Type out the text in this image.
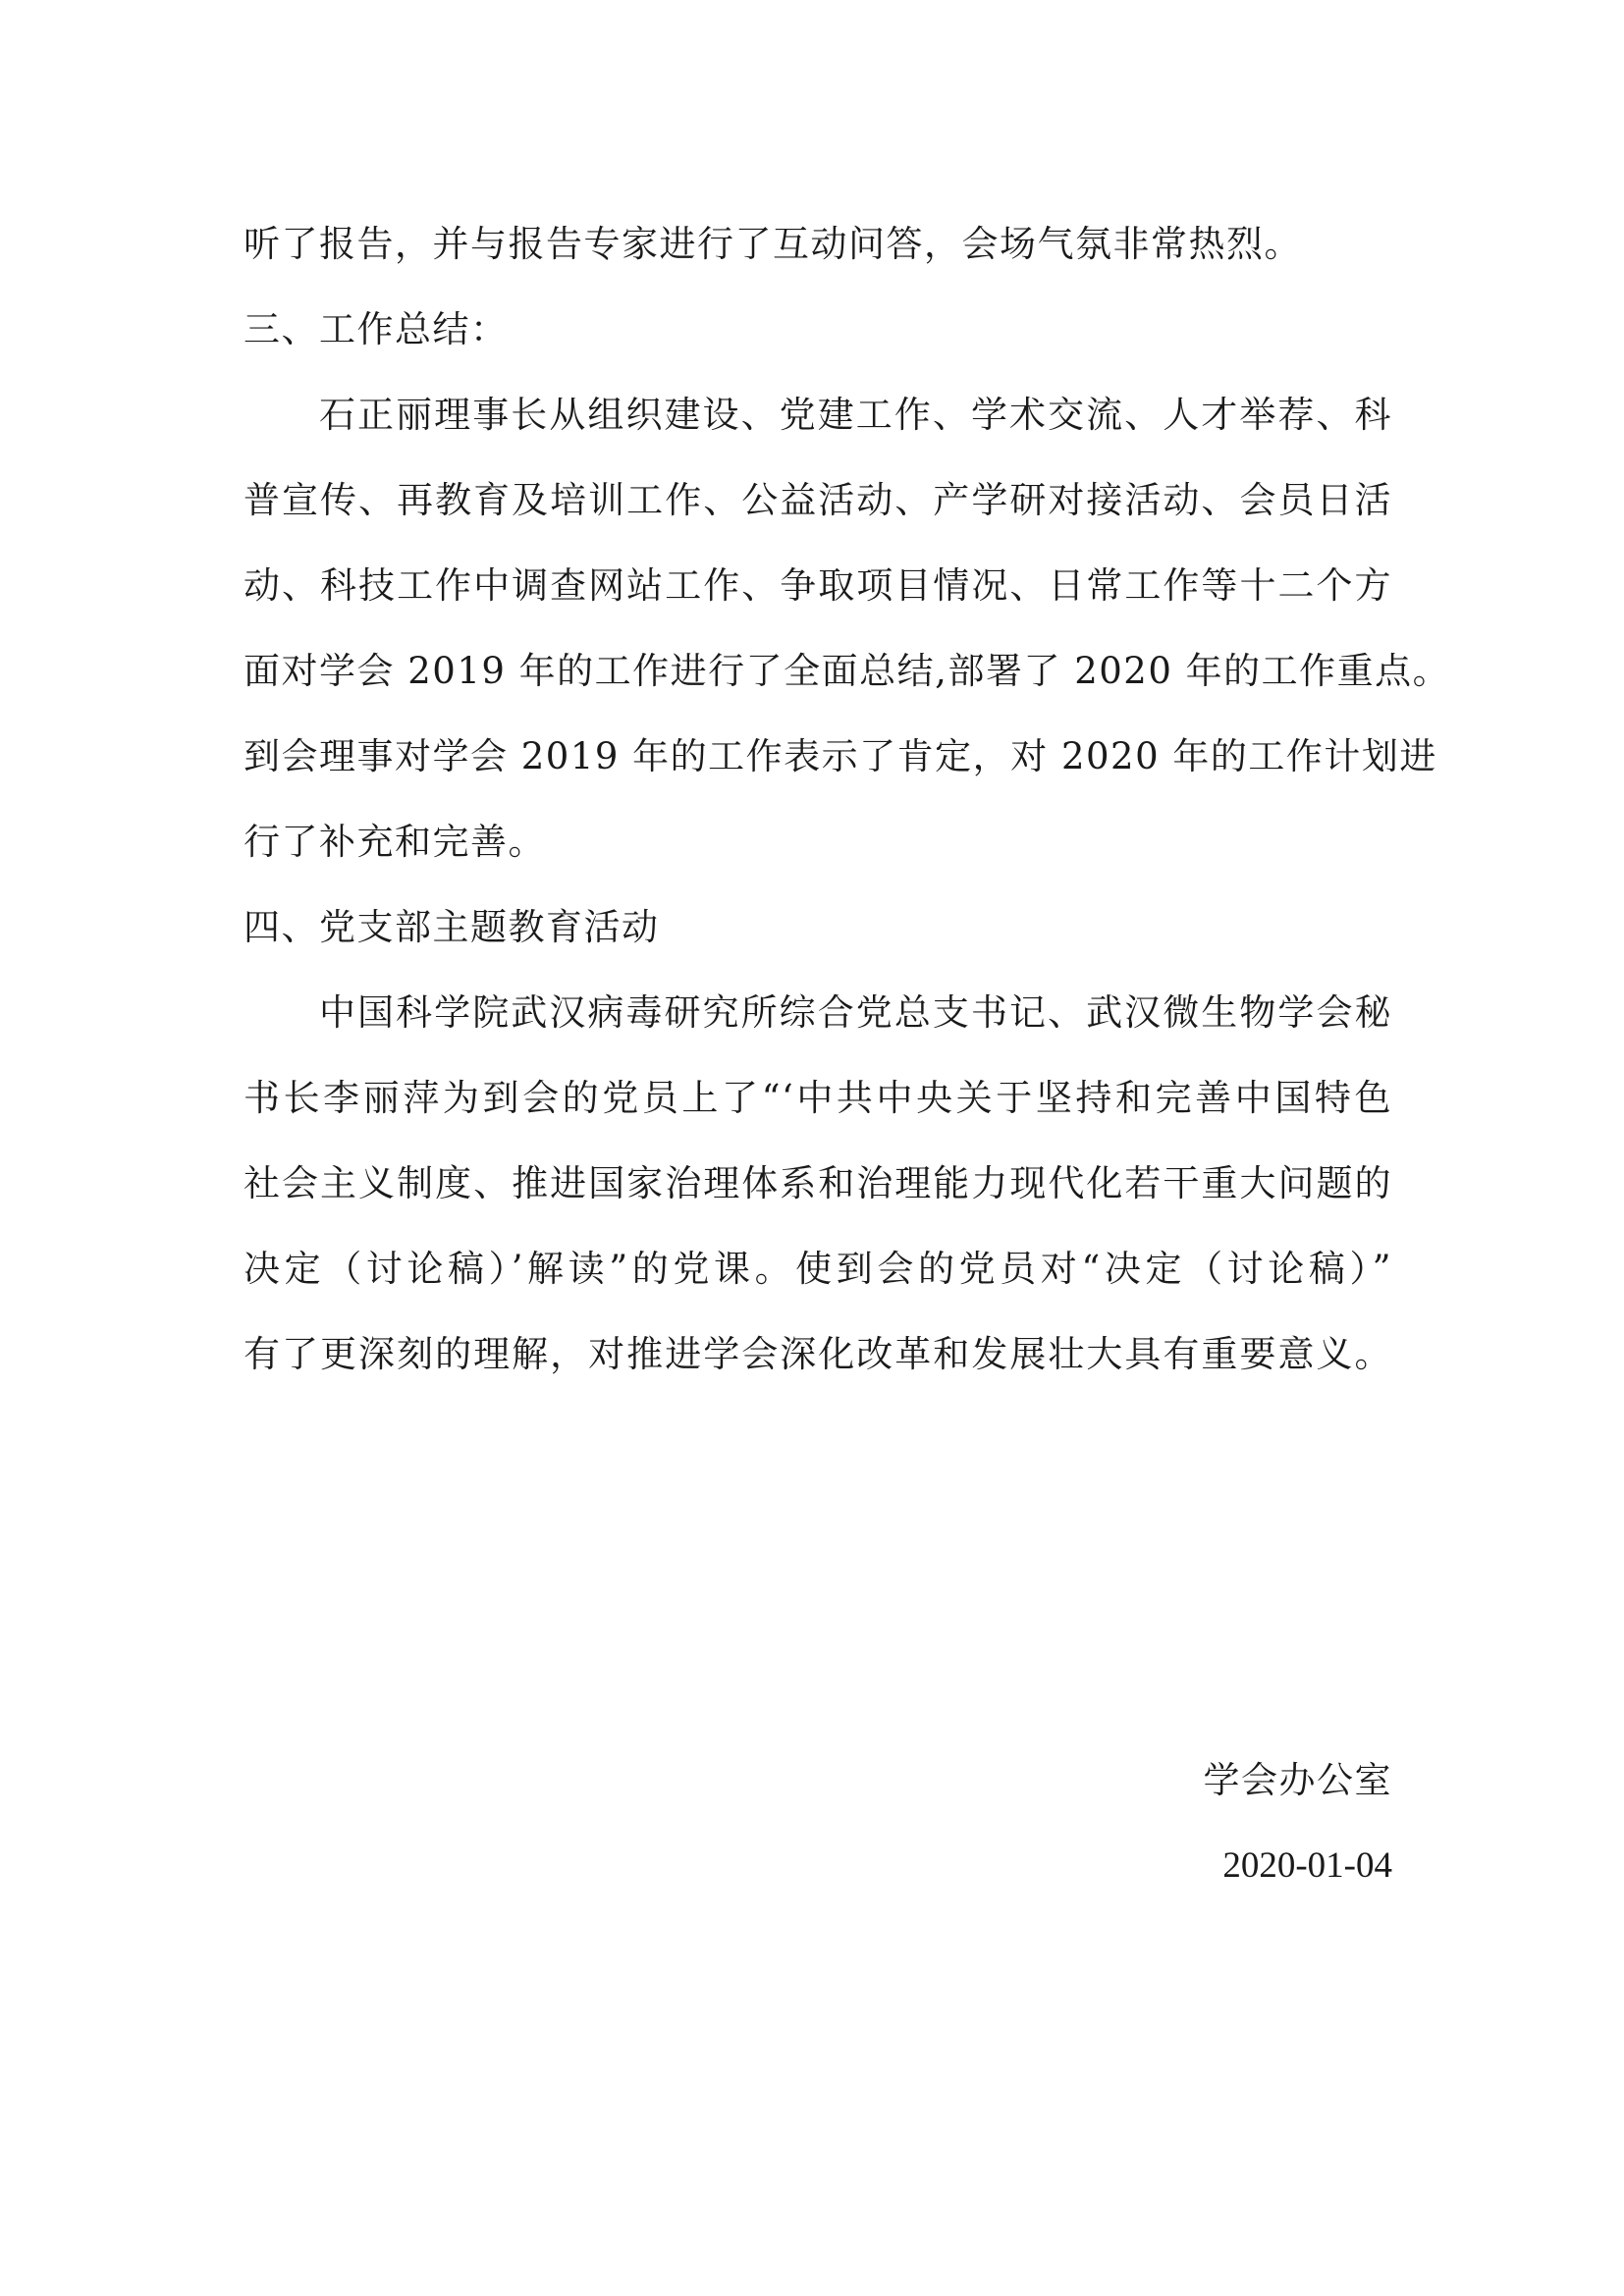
听了报告，并与报告专家进行了互动问答，会场气氛非常热烈。
三、工作总结：
石正丽理事长从组织建设、党建工作、学术交流、人才举荐、科
普宣传、再教育及培训工作、公益活动、产学研对接活动、会员日活
动、科技工作中调查网站工作、争取项目情况、日常工作等十二个方
面对学会 2019 年的工作进行了全面总结,部署了 2020 年的工作重点。
到会理事对学会 2019 年的工作表示了肯定，对 2020 年的工作计划进
行了补充和完善。
四、党支部主题教育活动
中国科学院武汉病毒研究所综合党总支书记、武汉微生物学会秘
书长李丽萍为到会的党员上了“‘中共中央关于坚持和完善中国特色
社会主义制度、推进国家治理体系和治理能力现代化若干重大问题的
决定（讨论稿）’解读”的党课。使到会的党员对“决定（讨论稿）”
有了更深刻的理解，对推进学会深化改革和发展壮大具有重要意义。
学会办公室
2020-01-04
